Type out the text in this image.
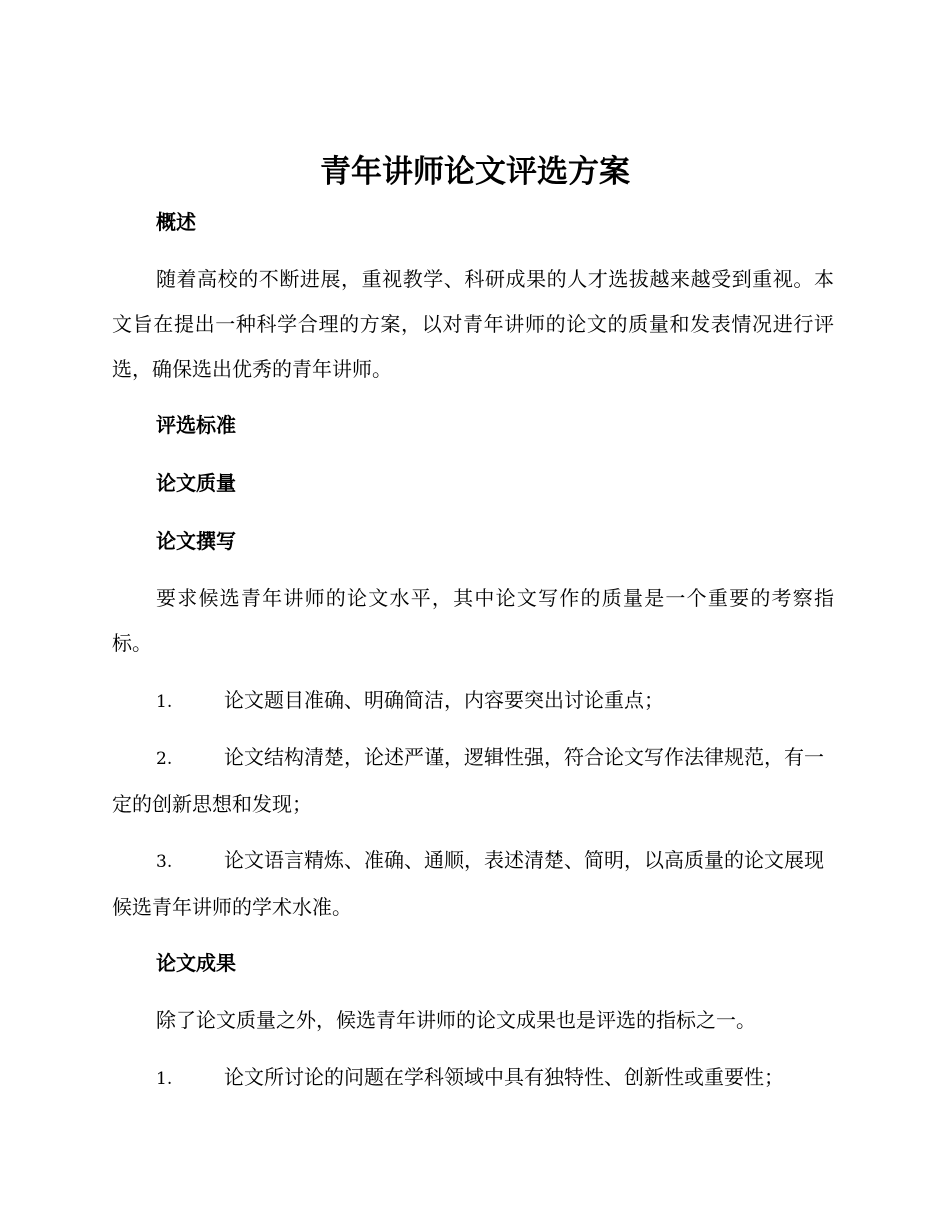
青年讲师论文评选方案
概述

随着高校的不断进展，重视教学、科研成果的人才选拔越来越受到重视。本文旨在提出一种科学合理的方案，以对青年讲师的论文的质量和发表情况进行评选，确保选出优秀的青年讲师。

评选标准
论文质量
论文撰写

要求候选青年讲师的论文水平，其中论文写作的质量是一个重要的考察指标。

1.	论文题目准确、明确简洁，内容要突出讨论重点；

2.	论文结构清楚，论述严谨，逻辑性强，符合论文写作法律规范，有一定的创新思想和发现；

3.	论文语言精炼、准确、通顺，表述清楚、简明，以高质量的论文展现候选青年讲师的学术水准。

论文成果

除了论文质量之外，候选青年讲师的论文成果也是评选的指标之一。

1.	论文所讨论的问题在学科领域中具有独特性、创新性或重要性；
